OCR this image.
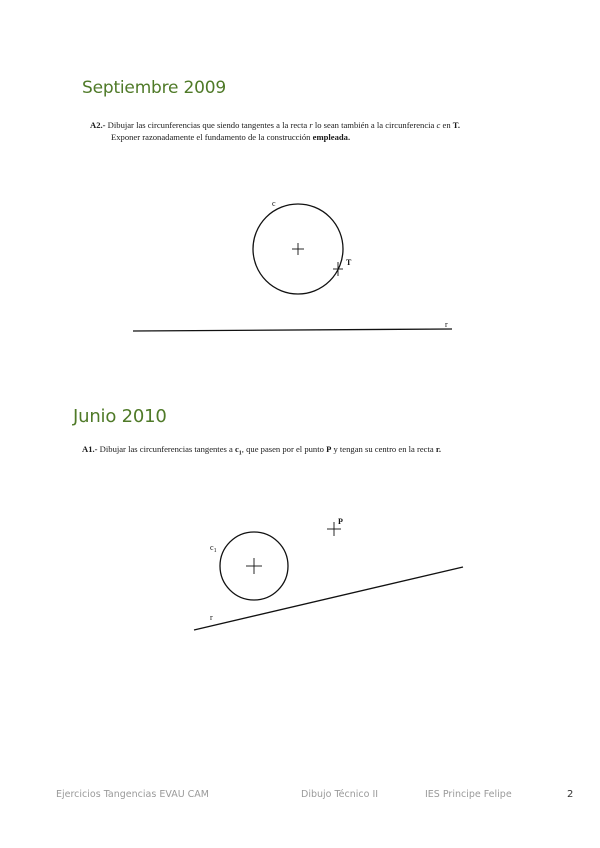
Septiembre 2009
A2.- Dibujar las circunferencias que siendo tangentes a la recta r lo sean también a la circunferencia c en T.
Exponer razonadamente el fundamento de la construcción empleada.
c
T
r
Junio 2010
A1.- Dibujar las circunferencias tangentes a $c_1$, que pasen por el punto P y tengan su centro en la recta r.
$c_1$
P
r
Ejercicios Tangencias EVAU CAM	Dibujo Técnico II	IES Principe Felipe	2
